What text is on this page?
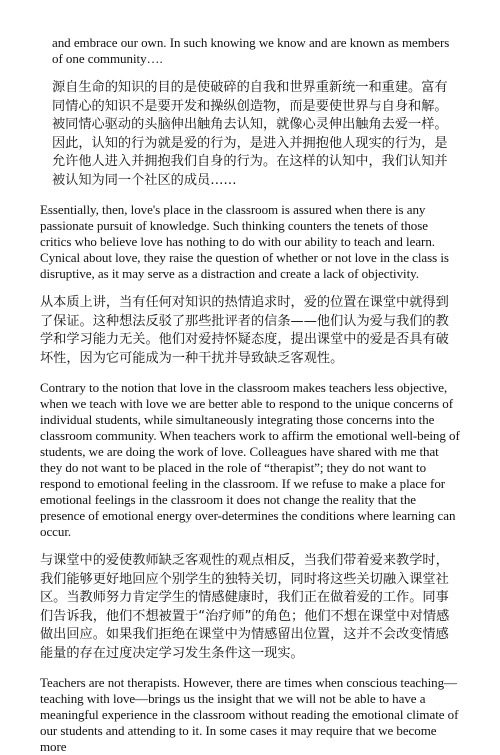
and embrace our own. In such knowing we know and are known as members of one community….

源自生命的知识的目的是使破碎的自我和世界重新统一和重建。富有同情心的知识不是要开发和操纵创造物，而是要使世界与自身和解。被同情心驱动的头脑伸出触角去认知，就像心灵伸出触角去爱一样。因此，认知的行为就是爱的行为，是进入并拥抱他人现实的行为，是允许他人进入并拥抱我们自身的行为。在这样的认知中，我们认知并被认知为同一个社区的成员……

Essentially, then, love's place in the classroom is assured when there is any passionate pursuit of knowledge. Such thinking counters the tenets of those critics who believe love has nothing to do with our ability to teach and learn. Cynical about love, they raise the question of whether or not love in the class is disruptive, as it may serve as a distraction and create a lack of objectivity.

从本质上讲，当有任何对知识的热情追求时，爱的位置在课堂中就得到了保证。这种想法反驳了那些批评者的信条——他们认为爱与我们的教学和学习能力无关。他们对爱持怀疑态度，提出课堂中的爱是否具有破坏性，因为它可能成为一种干扰并导致缺乏客观性。

Contrary to the notion that love in the classroom makes teachers less objective, when we teach with love we are better able to respond to the unique concerns of individual students, while simultaneously integrating those concerns into the classroom community. When teachers work to affirm the emotional well-being of students, we are doing the work of love. Colleagues have shared with me that they do not want to be placed in the role of “therapist”; they do not want to respond to emotional feeling in the classroom. If we refuse to make a place for emotional feelings in the classroom it does not change the reality that the presence of emotional energy over-determines the conditions where learning can occur.

与课堂中的爱使教师缺乏客观性的观点相反，当我们带着爱来教学时，我们能够更好地回应个别学生的独特关切，同时将这些关切融入课堂社区。当教师努力肯定学生的情感健康时，我们正在做着爱的工作。同事们告诉我，他们不想被置于“治疗师”的角色；他们不想在课堂中对情感做出回应。如果我们拒绝在课堂中为情感留出位置，这并不会改变情感能量的存在过度决定学习发生条件这一现实。

Teachers are not therapists. However, there are times when conscious teaching—teaching with love—brings us the insight that we will not be able to have a meaningful experience in the classroom without reading the emotional climate of our students and attending to it. In some cases it may require that we become more
